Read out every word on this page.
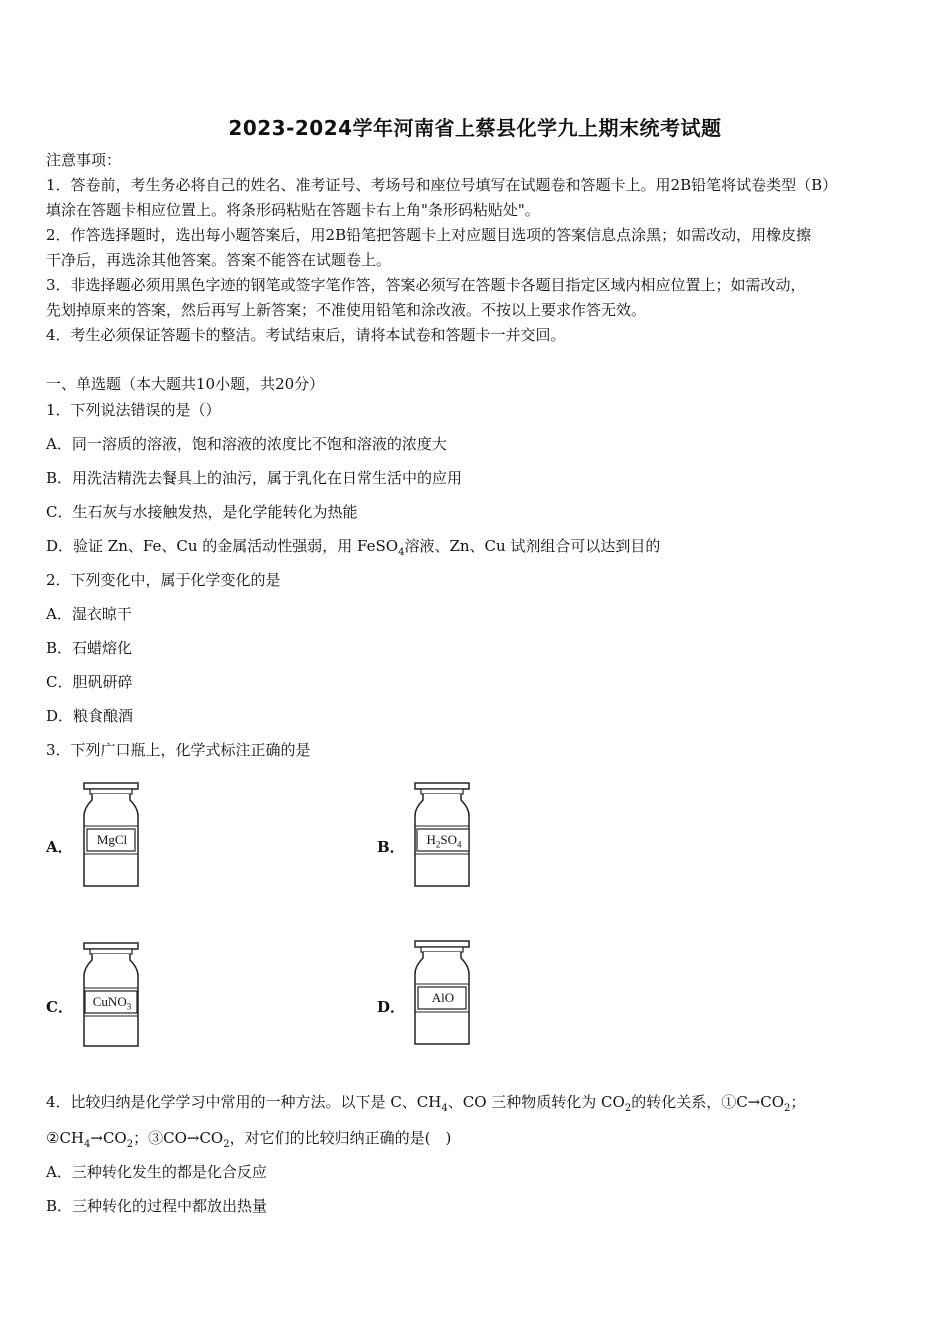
2023-2024学年河南省上蔡县化学九上期末统考试题
注意事项：
1．答卷前，考生务必将自己的姓名、准考证号、考场号和座位号填写在试题卷和答题卡上。用2B铅笔将试卷类型（B）
填涂在答题卡相应位置上。将条形码粘贴在答题卡右上角"条形码粘贴处"。
2．作答选择题时，选出每小题答案后，用2B铅笔把答题卡上对应题目选项的答案信息点涂黑；如需改动，用橡皮擦
干净后，再选涂其他答案。答案不能答在试题卷上。
3．非选择题必须用黑色字迹的钢笔或签字笔作答，答案必须写在答题卡各题目指定区域内相应位置上；如需改动，
先划掉原来的答案，然后再写上新答案；不准使用铅笔和涂改液。不按以上要求作答无效。
4．考生必须保证答题卡的整洁。考试结束后，请将本试卷和答题卡一并交回。
一、单选题（本大题共10小题，共20分）
1．下列说法错误的是（）
A．同一溶质的溶液，饱和溶液的浓度比不饱和溶液的浓度大
B．用洗洁精洗去餐具上的油污，属于乳化在日常生活中的应用
C．生石灰与水接触发热，是化学能转化为热能
D．验证 Zn、Fe、Cu 的金属活动性强弱，用 FeSO$_4$溶液、Zn、Cu 试剂组合可以达到目的
2．下列变化中，属于化学变化的是
A．湿衣晾干
B．石蜡熔化
C．胆矾研碎
D．粮食酿酒
3．下列广口瓶上，化学式标注正确的是
A．	MgCl	B．	$H_2SO_4$
C．	CuNO$_3$	D．
AlO
4．比较归纳是化学学习中常用的一种方法。以下是 C、$CH_4$、CO 三种物质转化为 $CO_2$的转化关系，$①C\to CO_2$；
$②CH_4\to CO_2$；$③CO\to CO_2$，对它们的比较归纳正确的是(　)
A．三种转化发生的都是化合反应
B．三种转化的过程中都放出热量
